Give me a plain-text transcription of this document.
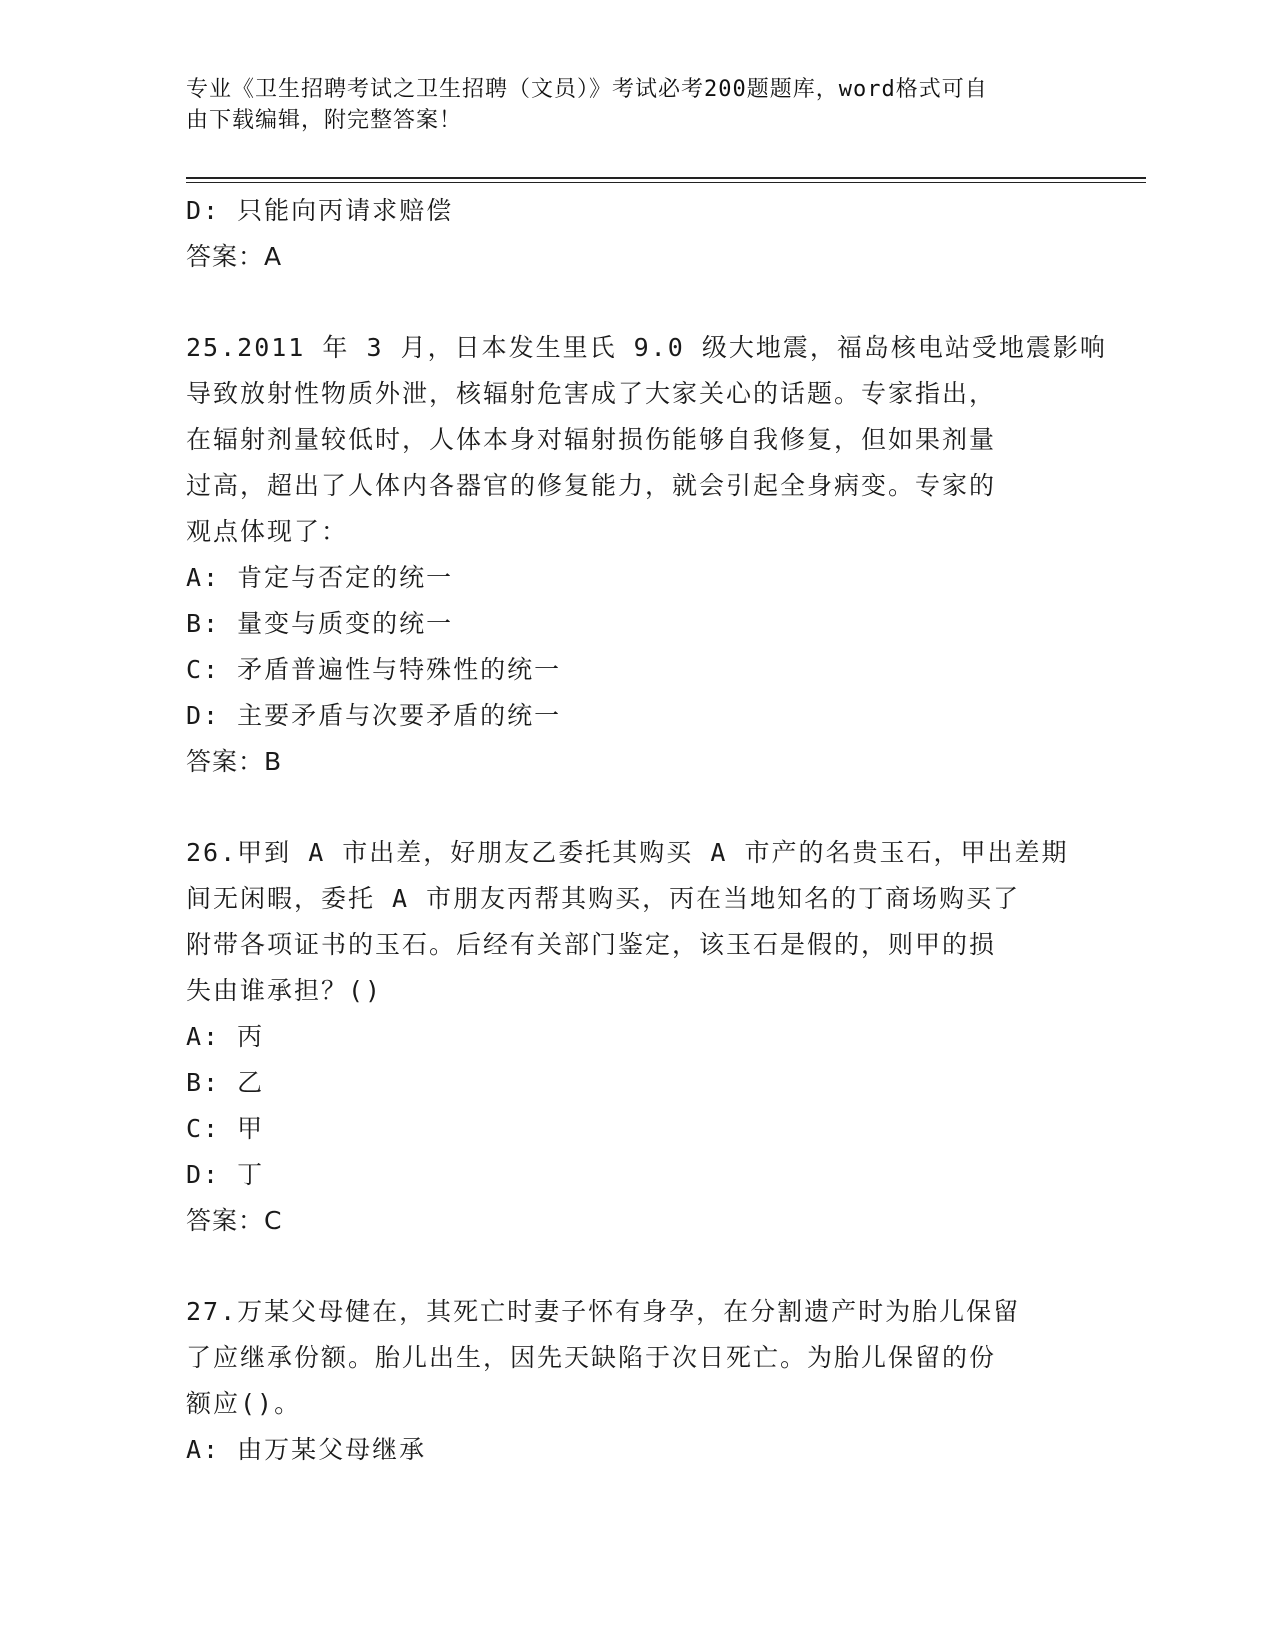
专业《卫生招聘考试之卫生招聘（文员）》考试必考200题题库，word格式可自
由下载编辑，附完整答案！
D: 只能向丙请求赔偿
答案：A
25.2011 年 3 月，日本发生里氏 9.0 级大地震，福岛核电站受地震影响
导致放射性物质外泄，核辐射危害成了大家关心的话题。专家指出，
在辐射剂量较低时，人体本身对辐射损伤能够自我修复，但如果剂量
过高，超出了人体内各器官的修复能力，就会引起全身病变。专家的
观点体现了：
A: 肯定与否定的统一
B: 量变与质变的统一
C: 矛盾普遍性与特殊性的统一
D: 主要矛盾与次要矛盾的统一
答案：B
26.甲到 A 市出差，好朋友乙委托其购买 A 市产的名贵玉石，甲出差期
间无闲暇，委托 A 市朋友丙帮其购买，丙在当地知名的丁商场购买了
附带各项证书的玉石。后经有关部门鉴定，该玉石是假的，则甲的损
失由谁承担？()
A: 丙
B: 乙
C: 甲
D: 丁
答案：C
27.万某父母健在，其死亡时妻子怀有身孕，在分割遗产时为胎儿保留
了应继承份额。胎儿出生，因先天缺陷于次日死亡。为胎儿保留的份
额应()。
A: 由万某父母继承
